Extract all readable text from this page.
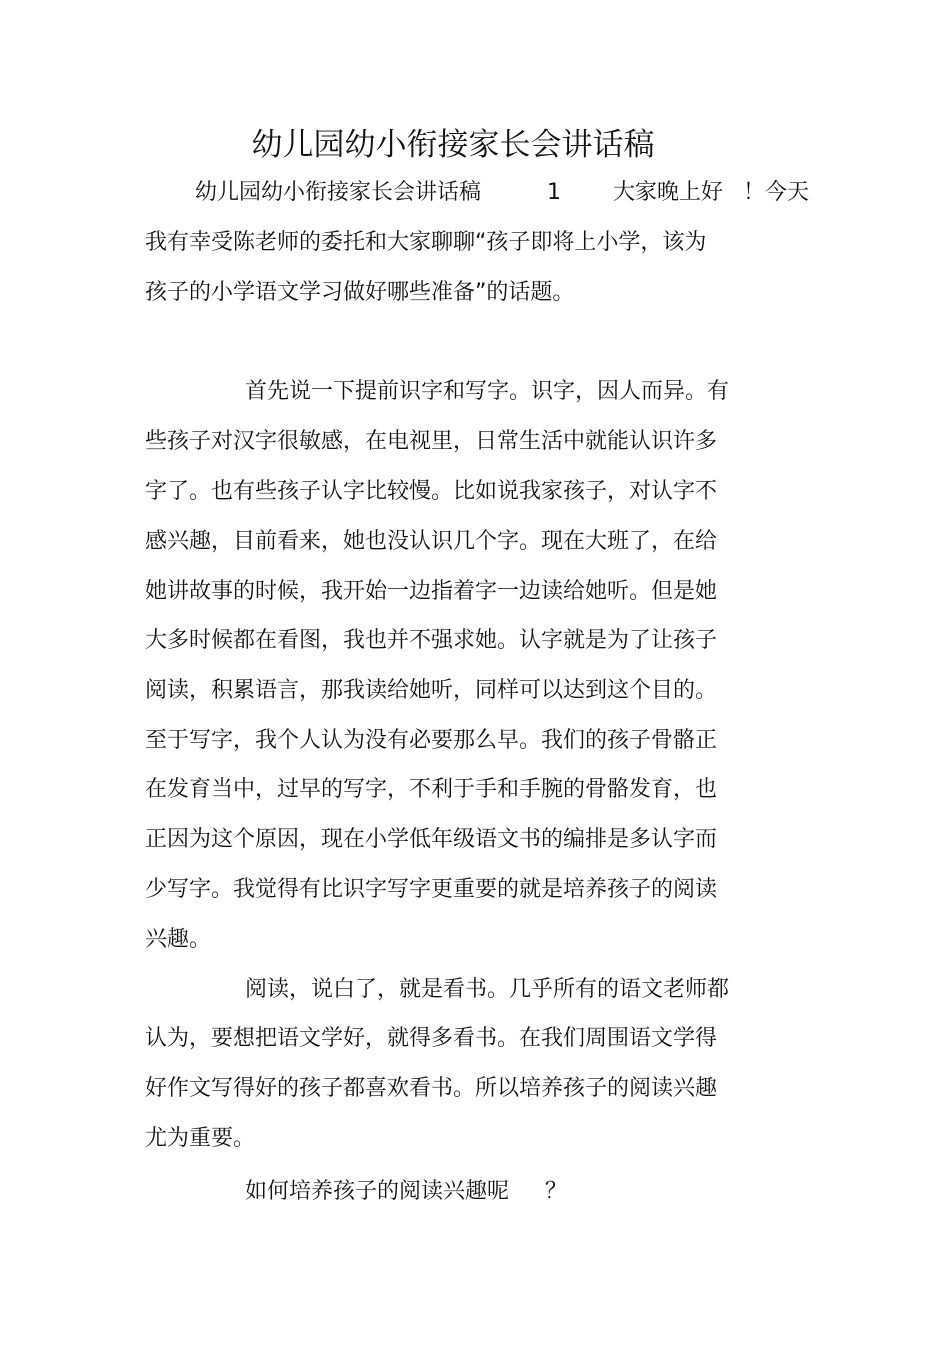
幼儿园幼小衔接家长会讲话稿
幼儿园幼小衔接家长会讲话稿	1 大家晚上好 ！今天
我有幸受陈老师的委托和大家聊聊“孩子即将上小学，该为
孩子的小学语文学习做好哪些准备”的话题。
首先说一下提前识字和写字。识字，因人而异。有
些孩子对汉字很敏感，在电视里，日常生活中就能认识许多
字了。也有些孩子认字比较慢。比如说我家孩子，对认字不
感兴趣，目前看来，她也没认识几个字。现在大班了，在给
她讲故事的时候，我开始一边指着字一边读给她听。但是她
大多时候都在看图，我也并不强求她。认字就是为了让孩子
阅读，积累语言，那我读给她听，同样可以达到这个目的。
至于写字，我个人认为没有必要那么早。我们的孩子骨骼正
在发育当中，过早的写字，不利于手和手腕的骨骼发育，也
正因为这个原因，现在小学低年级语文书的编排是多认字而
少写字。我觉得有比识字写字更重要的就是培养孩子的阅读
兴趣。
阅读，说白了，就是看书。几乎所有的语文老师都
认为，要想把语文学好，就得多看书。在我们周围语文学得
好作文写得好的孩子都喜欢看书。所以培养孩子的阅读兴趣
尤为重要。
如何培养孩子的阅读兴趣呢 ？
